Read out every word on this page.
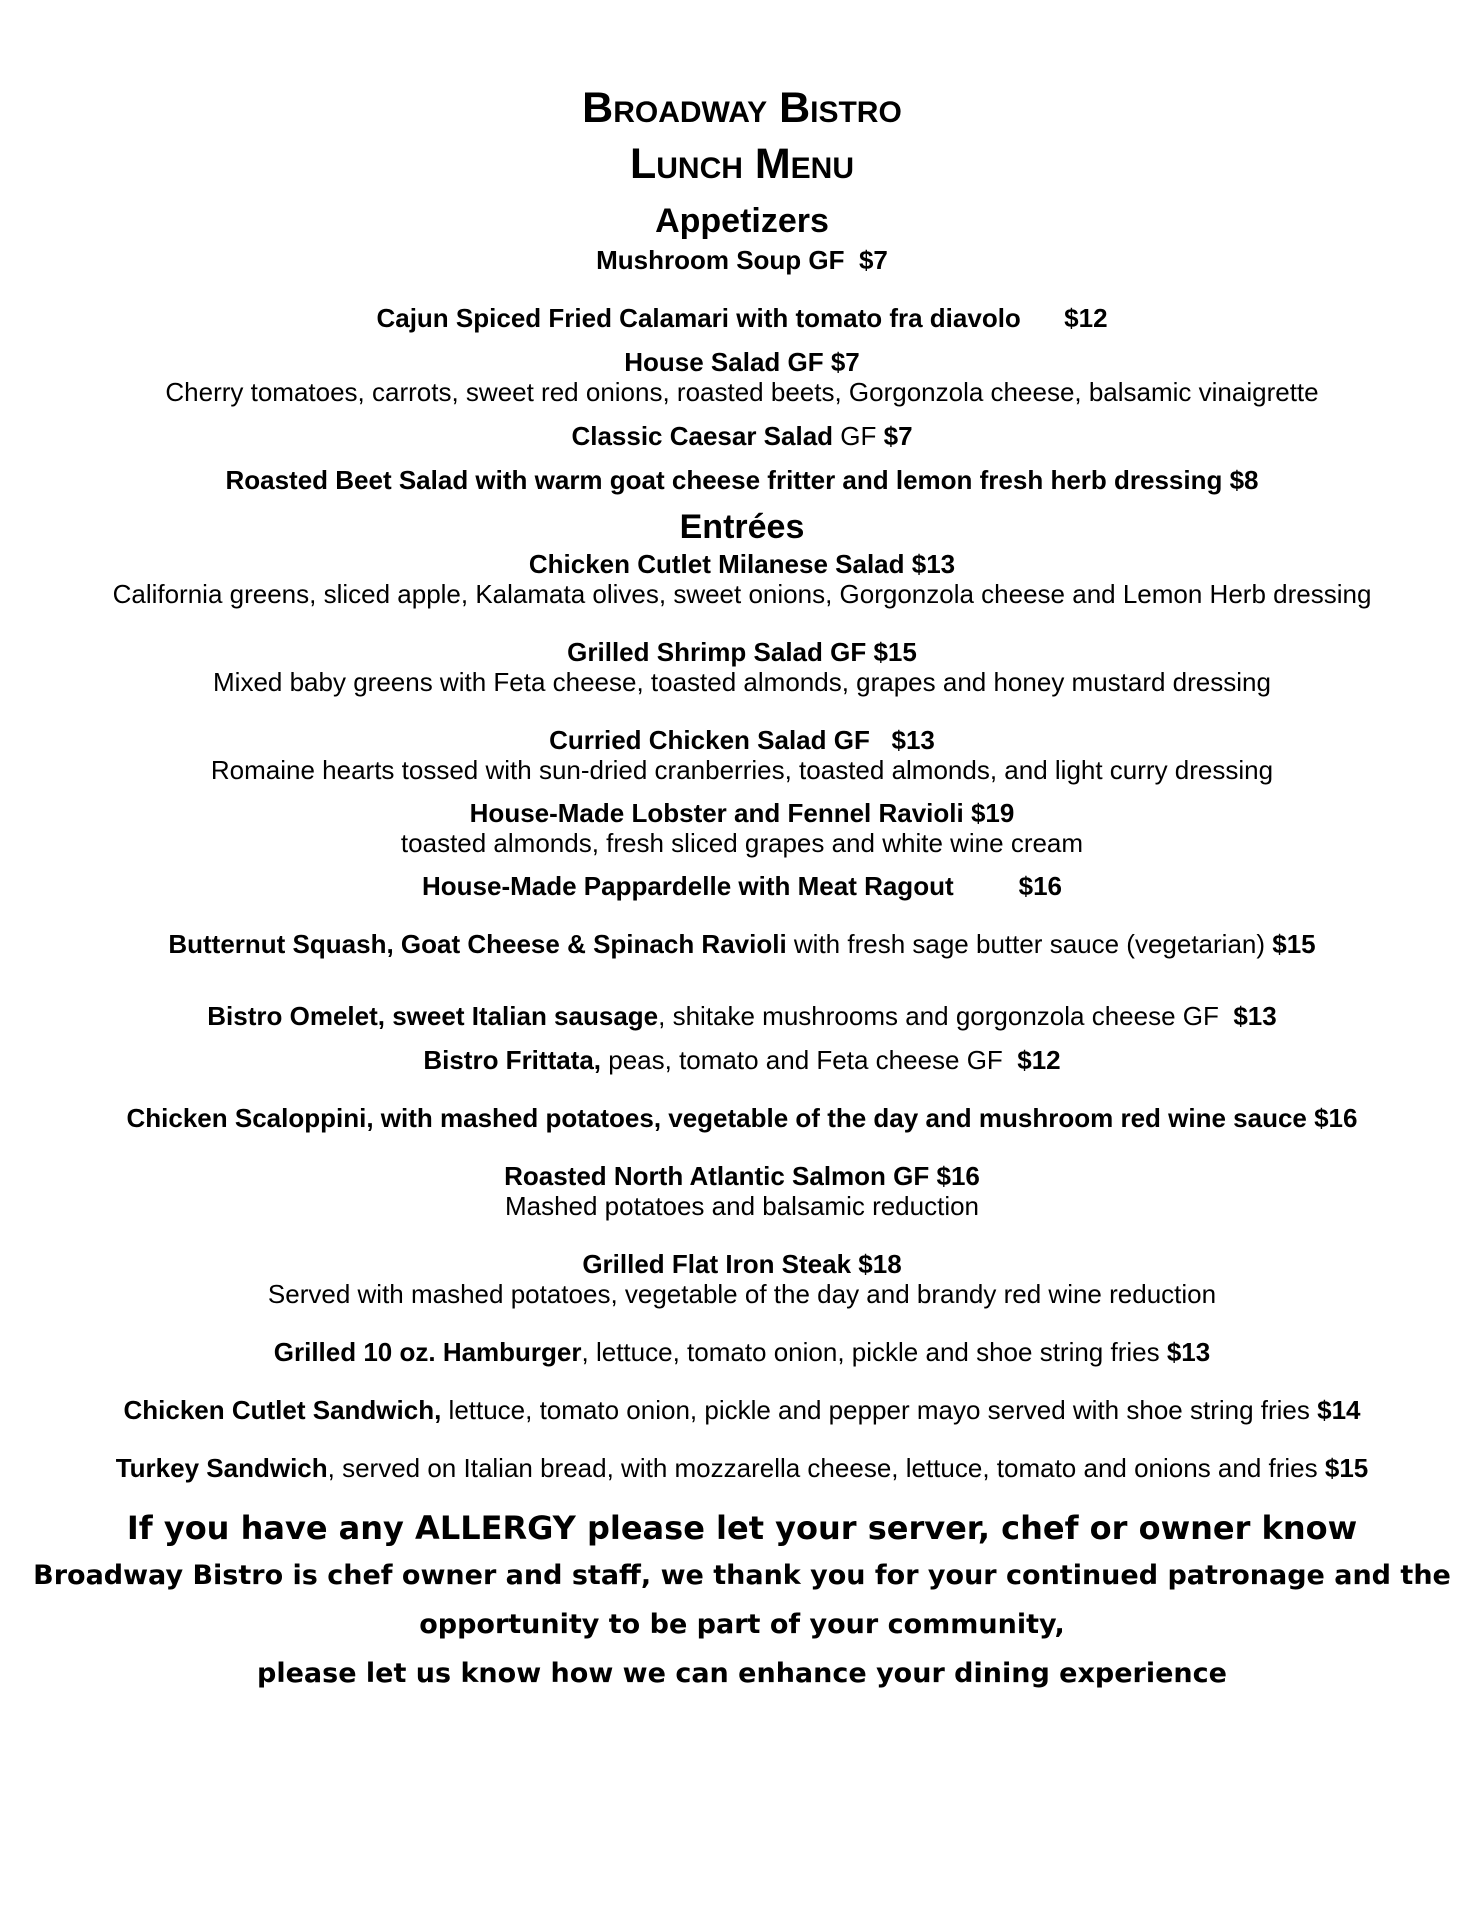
Broadway Bistro
Lunch Menu
Appetizers

Mushroom Soup GF  $7

Cajun Spiced Fried Calamari with tomato fra diavolo      $12

House Salad GF $7

Cherry tomatoes, carrots, sweet red onions, roasted beets, Gorgonzola cheese, balsamic vinaigrette

Classic Caesar Salad GF $7

Roasted Beet Salad with warm goat cheese fritter and lemon fresh herb dressing $8

Entrées

Chicken Cutlet Milanese Salad $13

California greens, sliced apple, Kalamata olives, sweet onions, Gorgonzola cheese and Lemon Herb dressing

Grilled Shrimp Salad GF $15

Mixed baby greens with Feta cheese, toasted almonds, grapes and honey mustard dressing

Curried Chicken Salad GF   $13

Romaine hearts tossed with sun-dried cranberries, toasted almonds, and light curry dressing

House-Made Lobster and Fennel Ravioli $19

toasted almonds, fresh sliced grapes and white wine cream

House-Made Pappardelle with Meat Ragout         $16

Butternut Squash, Goat Cheese & Spinach Ravioli with fresh sage butter sauce (vegetarian) $15

Bistro Omelet, sweet Italian sausage, shitake mushrooms and gorgonzola cheese GF  $13

Bistro Frittata, peas, tomato and Feta cheese GF  $12

Chicken Scaloppini, with mashed potatoes, vegetable of the day and mushroom red wine sauce $16

Roasted North Atlantic Salmon GF $16

Mashed potatoes and balsamic reduction

Grilled Flat Iron Steak $18

Served with mashed potatoes, vegetable of the day and brandy red wine reduction

Grilled 10 oz. Hamburger, lettuce, tomato onion, pickle and shoe string fries $13

Chicken Cutlet Sandwich, lettuce, tomato onion, pickle and pepper mayo served with shoe string fries $14

Turkey Sandwich, served on Italian bread, with mozzarella cheese, lettuce, tomato and onions and fries $15

If you have any ALLERGY please let your server, chef or owner know

Broadway Bistro is chef owner and staff, we thank you for your continued patronage and the

opportunity to be part of your community,

please let us know how we can enhance your dining experience
